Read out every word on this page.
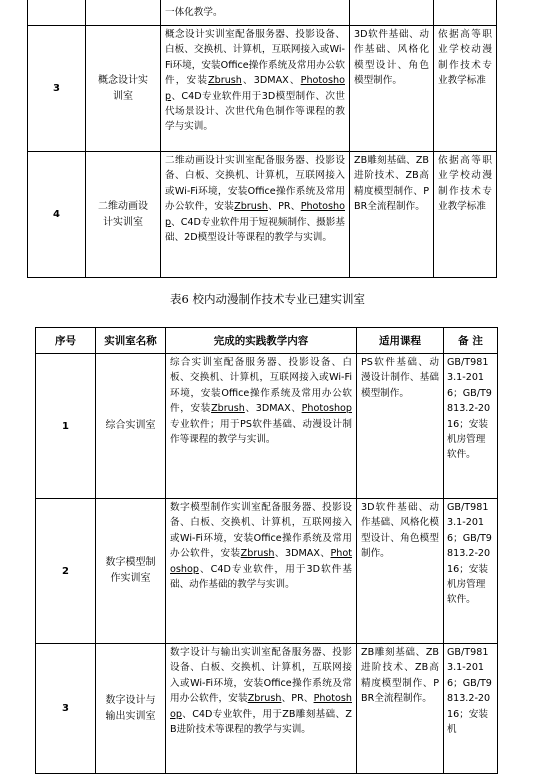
		一体化教学。		
3	概念设计实训室	概念设计实训室配备服务器、投影设备、白板、交换机、计算机，互联网接入或Wi-Fi环境，安装Office操作系统及常用办公软件，安装Zbrush、3DMAX、Photoshop、C4D专业软件用于3D模型制作、次世代场景设计、次世代角色制作等课程的教学与实训。	3D软件基础、动作基础、风格化模型设计、角色模型制作。	依据高等职业学校动漫制作技术专业教学标准
4	二维动画设计实训室	二维动画设计实训室配备服务器、投影设备、白板、交换机、计算机，互联网接入或Wi-Fi环境，安装Office操作系统及常用办公软件，安装Zbrush、PR、Photoshop、C4D专业软件用于短视频制作、摄影基础、2D模型设计等课程的教学与实训。	ZB雕刻基础、ZB进阶技术、ZB高精度模型制作、PBR全流程制作。	依据高等职业学校动漫制作技术专业教学标准
表6 校内动漫制作技术专业已建实训室
序号	实训室名称	完成的实践教学内容	适用课程	备 注
1	综合实训室	综合实训室配备服务器、投影设备、白板、交换机、计算机，互联网接入或Wi-Fi环境，安装Office操作系统及常用办公软件，安装Zbrush、3DMAX、Photoshop专业软件；用于PS软件基础、动漫设计制作等课程的教学与实训。	PS软件基础、动漫设计制作、基础模型制作。	GB/T9813.1-2016；GB/T9813.2-2016；安装机房管理软件。
2	数字模型制作实训室	数字模型制作实训室配备服务器、投影设备、白板、交换机、计算机，互联网接入或Wi-Fi环境，安装Office操作系统及常用办公软件，安装Zbrush、3DMAX、Photoshop、C4D专业软件，用于3D软件基础、动作基础的教学与实训。	3D软件基础、动作基础、风格化模型设计、角色模型制作。	GB/T9813.1-2016；GB/T9813.2-2016；安装机房管理软件。
3	数字设计与输出实训室	数字设计与输出实训室配备服务器、投影设备、白板、交换机、计算机，互联网接入或Wi-Fi环境，安装Office操作系统及常用办公软件，安装Zbrush、PR、Photoshop、C4D专业软件，用于ZB雕刻基础、ZB进阶技术等课程的教学与实训。	ZB雕刻基础、ZB进阶技术、ZB高精度模型制作、PBR全流程制作。	GB/T9813.1-2016；GB/T9813.2-2016；安装机
